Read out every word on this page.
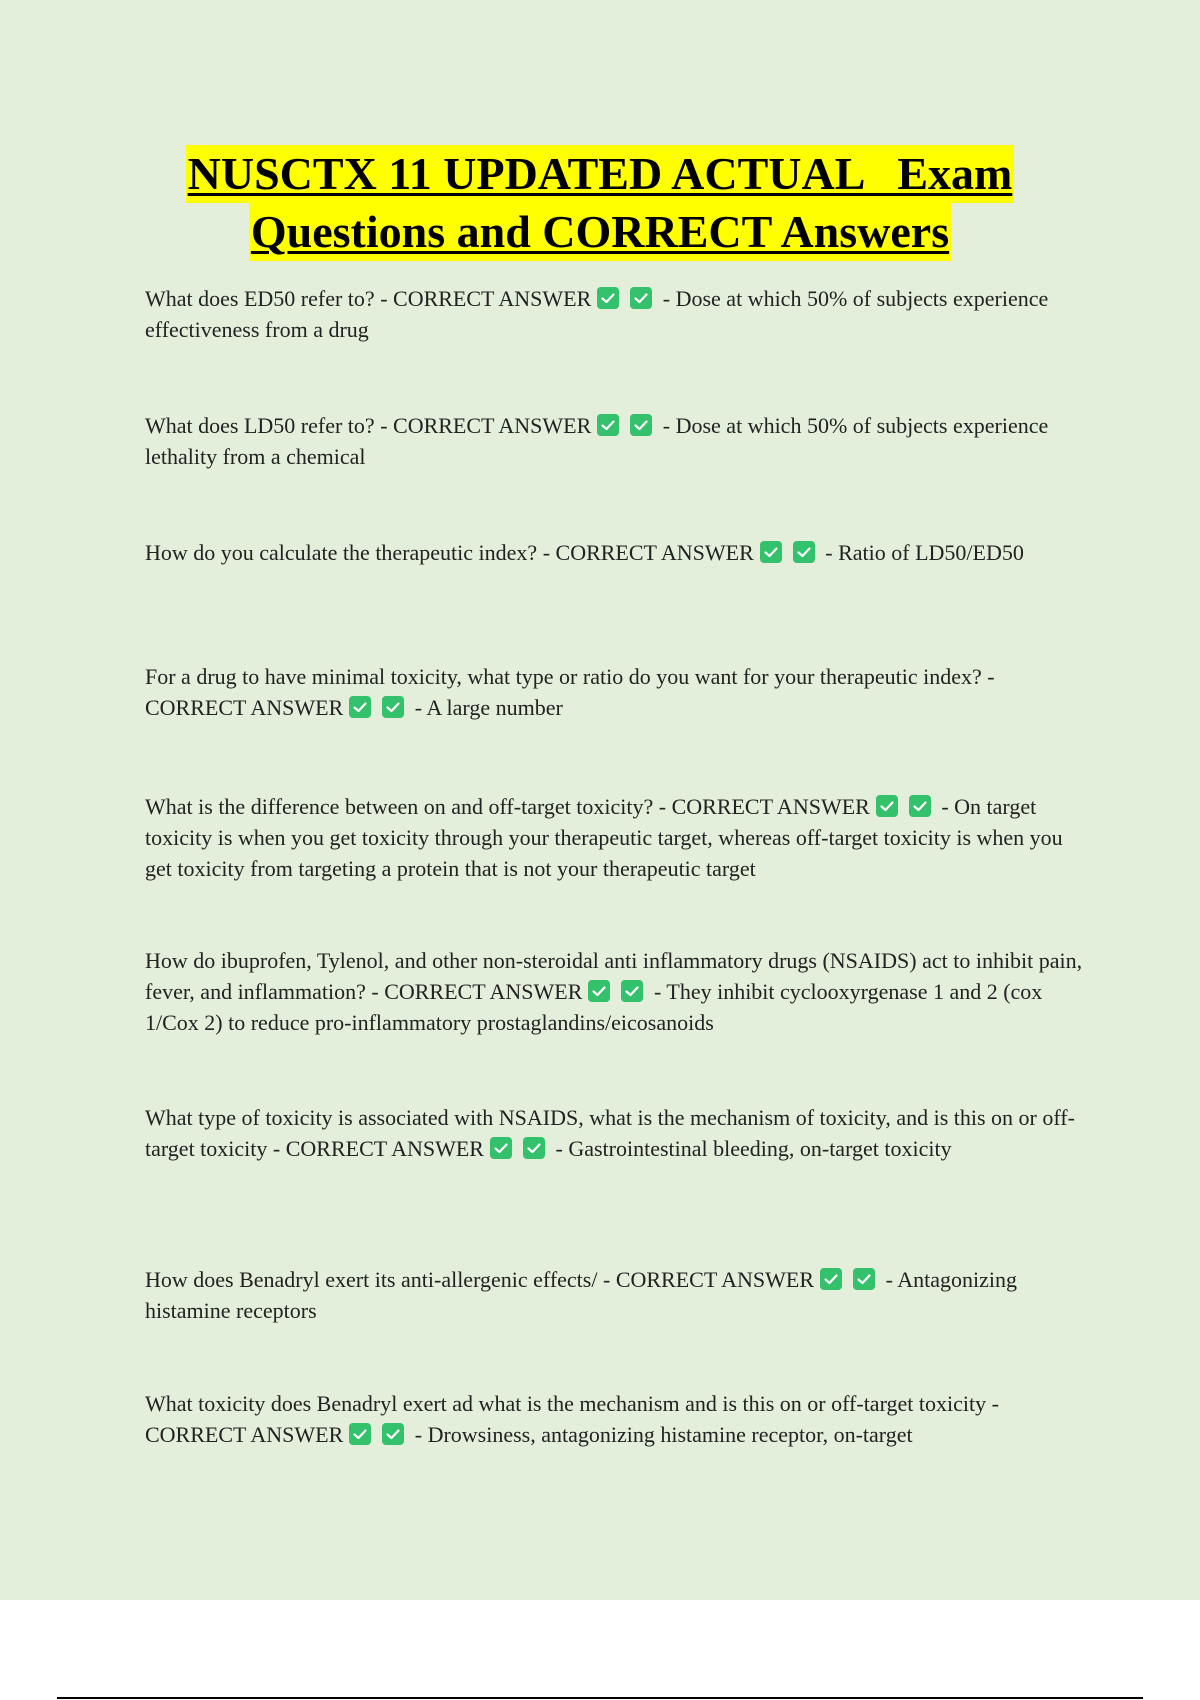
NUSCTX 11 UPDATED ACTUAL   Exam
Questions and CORRECT Answers

What does ED50 refer to? - CORRECT ANSWER	- Dose at which 50% of subjects experience effectiveness from a drug

What does LD50 refer to? - CORRECT ANSWER	- Dose at which 50% of subjects experience lethality from a chemical

How do you calculate the therapeutic index? - CORRECT ANSWER	- Ratio of LD50/ED50

For a drug to have minimal toxicity, what type or ratio do you want for your therapeutic index? - CORRECT ANSWER	- A large number

What is the difference between on and off-target toxicity? - CORRECT ANSWER	- On target toxicity is when you get toxicity through your therapeutic target, whereas off-target toxicity is when you get toxicity from targeting a protein that is not your therapeutic target

How do ibuprofen, Tylenol, and other non-steroidal anti inflammatory drugs (NSAIDS) act to inhibit pain, fever, and inflammation? - CORRECT ANSWER	- They inhibit cyclooxyrgenase 1 and 2 (cox 1/Cox 2) to reduce pro-inflammatory prostaglandins/eicosanoids

What type of toxicity is associated with NSAIDS, what is the mechanism of toxicity, and is this on or off-target toxicity - CORRECT ANSWER	- Gastrointestinal bleeding, on-target toxicity

How does Benadryl exert its anti-allergenic effects/ - CORRECT ANSWER	- Antagonizing histamine receptors

What toxicity does Benadryl exert ad what is the mechanism and is this on or off-target toxicity - CORRECT ANSWER	- Drowsiness, antagonizing histamine receptor, on-target
